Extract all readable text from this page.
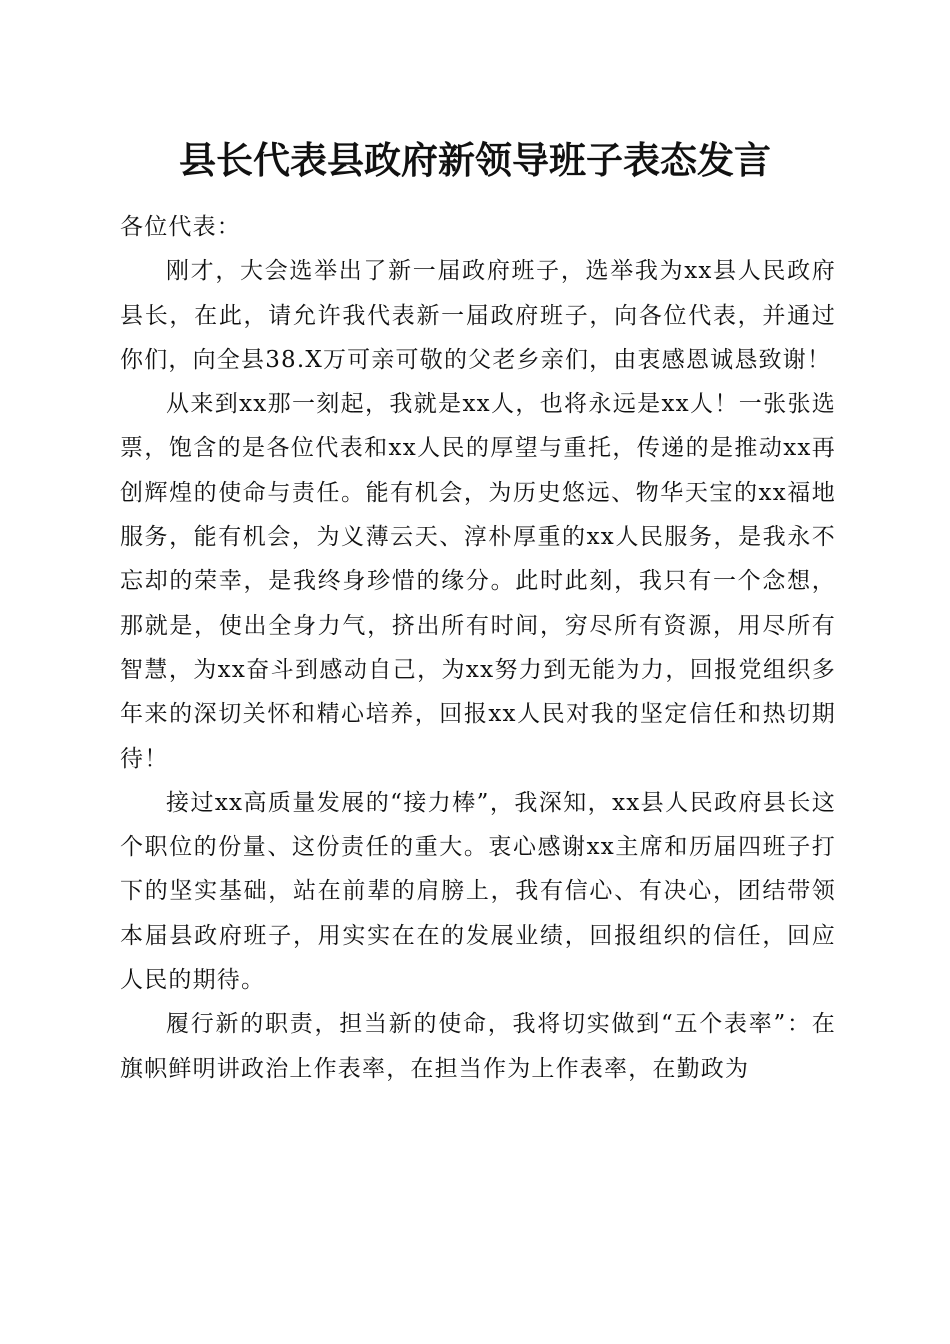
县长代表县政府新领导班子表态发言

各位代表：

刚才，大会选举出了新一届政府班子，选举我为xx县人民政府县长，在此，请允许我代表新一届政府班子，向各位代表，并通过你们，向全县38.X万可亲可敬的父老乡亲们，由衷感恩诚恳致谢！

从来到xx那一刻起，我就是xx人，也将永远是xx人！一张张选票，饱含的是各位代表和xx人民的厚望与重托，传递的是推动xx再创辉煌的使命与责任。能有机会，为历史悠远、物华天宝的xx福地服务，能有机会，为义薄云天、淳朴厚重的xx人民服务，是我永不忘却的荣幸，是我终身珍惜的缘分。此时此刻，我只有一个念想，那就是，使出全身力气，挤出所有时间，穷尽所有资源，用尽所有智慧，为xx奋斗到感动自己，为xx努力到无能为力，回报党组织多年来的深切关怀和精心培养，回报xx人民对我的坚定信任和热切期待！

接过xx高质量发展的“接力棒”，我深知，xx县人民政府县长这个职位的份量、这份责任的重大。衷心感谢xx主席和历届四班子打下的坚实基础，站在前辈的肩膀上，我有信心、有决心，团结带领本届县政府班子，用实实在在的发展业绩，回报组织的信任，回应人民的期待。

履行新的职责，担当新的使命，我将切实做到“五个表率”：在旗帜鲜明讲政治上作表率，在担当作为上作表率，在勤政为
